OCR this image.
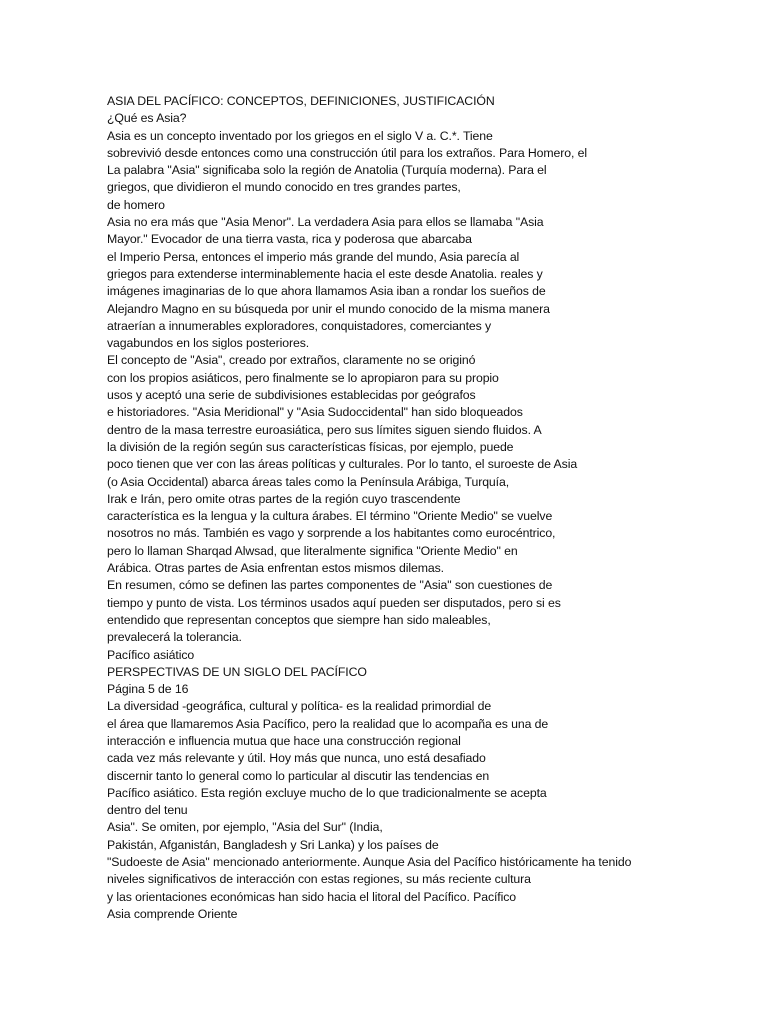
ASIA DEL PACÍFICO: CONCEPTOS, DEFINICIONES, JUSTIFICACIÓN
¿Qué es Asia?
Asia es un concepto inventado por los griegos en el siglo V a. C.*. Tiene
sobrevivió desde entonces como una construcción útil para los extraños. Para Homero, el
La palabra "Asia" significaba solo la región de Anatolia (Turquía moderna). Para el
griegos, que dividieron el mundo conocido en tres grandes partes,
de homero
Asia no era más que "Asia Menor". La verdadera Asia para ellos se llamaba "Asia
Mayor." Evocador de una tierra vasta, rica y poderosa que abarcaba
el Imperio Persa, entonces el imperio más grande del mundo, Asia parecía al
griegos para extenderse interminablemente hacia el este desde Anatolia. reales y
imágenes imaginarias de lo que ahora llamamos Asia iban a rondar los sueños de
Alejandro Magno en su búsqueda por unir el mundo conocido de la misma manera
atraerían a innumerables exploradores, conquistadores, comerciantes y
vagabundos en los siglos posteriores.
El concepto de "Asia", creado por extraños, claramente no se originó
con los propios asiáticos, pero finalmente se lo apropiaron para su propio
usos y aceptó una serie de subdivisiones establecidas por geógrafos
e historiadores. "Asia Meridional" y "Asia Sudoccidental" han sido bloqueados
dentro de la masa terrestre euroasiática, pero sus límites siguen siendo fluidos. A
la división de la región según sus características físicas, por ejemplo, puede
poco tienen que ver con las áreas políticas y culturales. Por lo tanto, el suroeste de Asia
(o Asia Occidental) abarca áreas tales como la Península Arábiga, Turquía,
Irak e Irán, pero omite otras partes de la región cuyo trascendente
característica es la lengua y la cultura árabes. El término "Oriente Medio" se vuelve
nosotros no más. También es vago y sorprende a los habitantes como eurocéntrico,
pero lo llaman Sharqad Alwsad, que literalmente significa "Oriente Medio" en
Arábica. Otras partes de Asia enfrentan estos mismos dilemas.
En resumen, cómo se definen las partes componentes de "Asia" son cuestiones de
tiempo y punto de vista. Los términos usados aquí pueden ser disputados, pero si es
entendido que representan conceptos que siempre han sido maleables,
prevalecerá la tolerancia.
Pacífico asiático
PERSPECTIVAS DE UN SIGLO DEL PACÍFICO
Página 5 de 16
La diversidad -geográfica, cultural y política- es la realidad primordial de
el área que llamaremos Asia Pacífico, pero la realidad que lo acompaña es una de
interacción e influencia mutua que hace una construcción regional
cada vez más relevante y útil. Hoy más que nunca, uno está desafiado
discernir tanto lo general como lo particular al discutir las tendencias en
Pacífico asiático. Esta región excluye mucho de lo que tradicionalmente se acepta
dentro del tenu
Asia". Se omiten, por ejemplo, "Asia del Sur" (India,
Pakistán, Afganistán, Bangladesh y Sri Lanka) y los países de
"Sudoeste de Asia" mencionado anteriormente. Aunque Asia del Pacífico históricamente ha tenido
niveles significativos de interacción con estas regiones, su más reciente cultura
y las orientaciones económicas han sido hacia el litoral del Pacífico. Pacífico
Asia comprende Oriente
